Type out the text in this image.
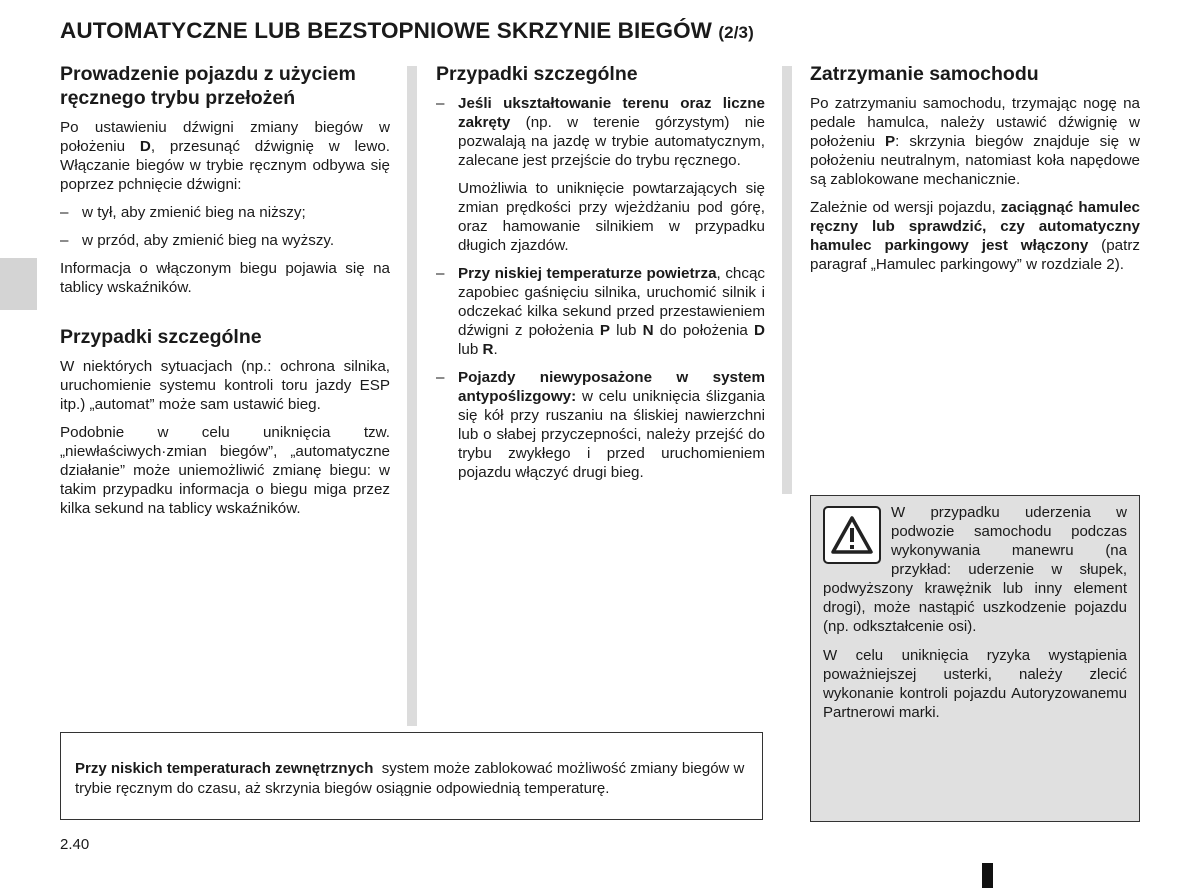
AUTOMATYCZNE LUB BEZSTOPNIOWE SKRZYNIE BIEGÓW (2/3)
Prowadzenie pojazdu z użyciem ręcznego trybu przełożeń

Po ustawieniu dźwigni zmiany biegów w położeniu D, przesunąć dźwignię w lewo. Włączanie biegów w trybie ręcznym odbywa się poprzez pchnięcie dźwigni:

– w tył, aby zmienić bieg na niższy;
– w przód, aby zmienić bieg na wyższy.

Informacja o włączonym biegu pojawia się na tablicy wskaźników.

Przypadki szczególne

W niektórych sytuacjach (np.: ochrona silnika, uruchomienie systemu kontroli toru jazdy ESP itp.) „automat” może sam ustawić bieg.

Podobnie w celu uniknięcia tzw. „niewłaściwych·zmian biegów”, „automatyczne działanie” może uniemożliwić zmianę biegu: w takim przypadku informacja o biegu miga przez kilka sekund na tablicy wskaźników.

Przypadki szczególne
– Jeśli ukształtowanie terenu oraz liczne zakręty (np. w terenie górzystym) nie pozwalają na jazdę w trybie automatycznym, zalecane jest przejście do trybu ręcznego.
Umożliwia to uniknięcie powtarzających się zmian prędkości przy wjeżdżaniu pod górę, oraz hamowanie silnikiem w przypadku długich zjazdów.
– Przy niskiej temperaturze powietrza, chcąc zapobiec gaśnięciu silnika, uruchomić silnik i odczekać kilka sekund przed przestawieniem dźwigni z położenia P lub N do położenia D lub R.
– Pojazdy niewyposażone w system antypoślizgowy: w celu uniknięcia ślizgania się kół przy ruszaniu na śliskiej nawierzchni lub o słabej przyczepności, należy przejść do trybu zwykłego i przed uruchomieniem pojazdu włączyć drugi bieg.
Zatrzymanie samochodu

Po zatrzymaniu samochodu, trzymając nogę na pedale hamulca, należy ustawić dźwignię w położeniu P: skrzynia biegów znajduje się w położeniu neutralnym, natomiast koła napędowe są zablokowane mechanicznie.

Zależnie od wersji pojazdu, zaciągnąć hamulec ręczny lub sprawdzić, czy automatyczny hamulec parkingowy jest włączony (patrz paragraf „Hamulec parkingowy” w rozdziale 2).

W przypadku uderzenia w podwozie samochodu podczas wykonywania manewru (na przykład: uderzenie w słupek, podwyższony krawężnik lub inny element drogi), może nastąpić uszkodzenie pojazdu (np. odkształcenie osi).

W celu uniknięcia ryzyka wystąpienia poważniejszej usterki, należy zlecić wykonanie kontroli pojazdu Autoryzowanemu Partnerowi marki.

Przy niskich temperaturach zewnętrznych  system może zablokować możliwość zmiany biegów w trybie ręcznym do czasu, aż skrzynia biegów osiągnie odpowiednią temperaturę.
2.40
